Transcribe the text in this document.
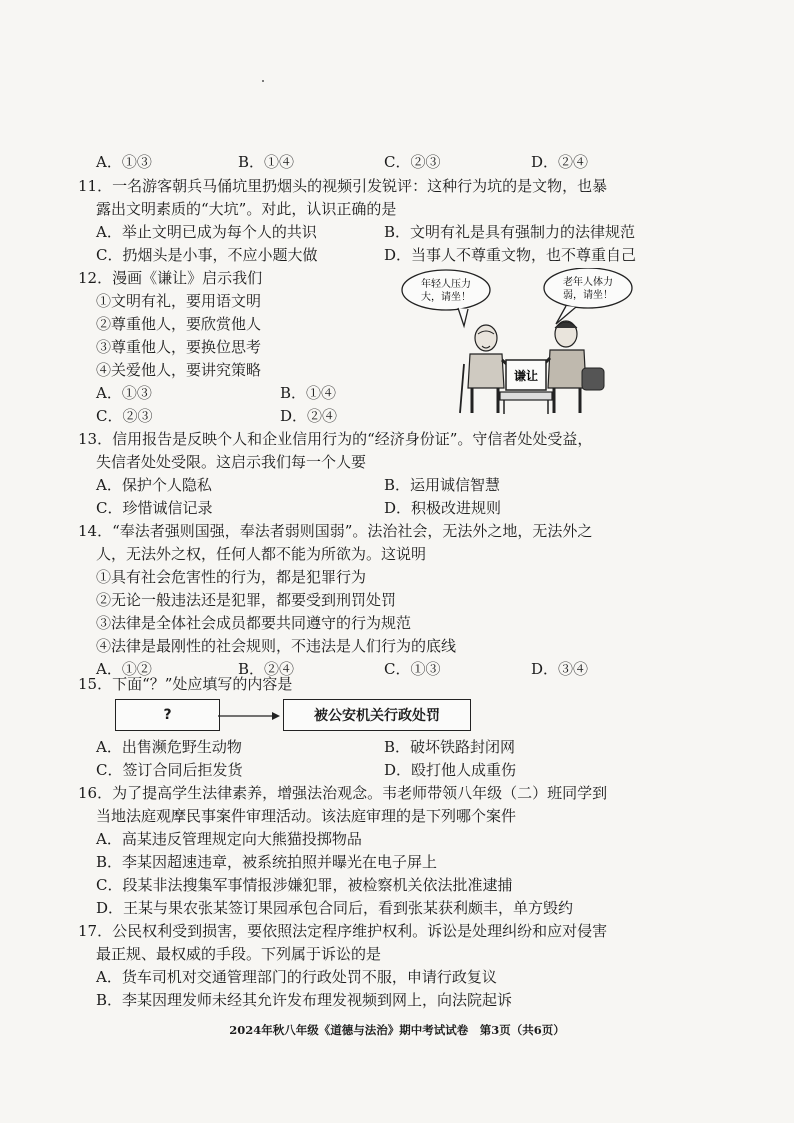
A．①③	B．①④	C．②③	D．②④
11．一名游客朝兵马俑坑里扔烟头的视频引发锐评：这种行为坑的是文物，也暴
露出文明素质的“大坑”。对此，认识正确的是
A．举止文明已成为每个人的共识	B．文明有礼是具有强制力的法律规范
C．扔烟头是小事，不应小题大做	D．当事人不尊重文物，也不尊重自己
12．漫画《谦让》启示我们
①文明有礼，要用语文明
②尊重他人，要欣赏他人
③尊重他人，要换位思考
④关爱他人，要讲究策略
A．①③	B．①④
C．②③	D．②④
年轻人压力
大，请坐！
老年人体力
弱，请坐！
谦让
13．信用报告是反映个人和企业信用行为的“经济身份证”。守信者处处受益，
失信者处处受限。这启示我们每一个人要
A．保护个人隐私	B．运用诚信智慧
C．珍惜诚信记录	D．积极改进规则
14．“奉法者强则国强，奉法者弱则国弱”。法治社会，无法外之地，无法外之
人，无法外之权，任何人都不能为所欲为。这说明
①具有社会危害性的行为，都是犯罪行为
②无论一般违法还是犯罪，都要受到刑罚处罚
③法律是全体社会成员都要共同遵守的行为规范
④法律是最刚性的社会规则，不违法是人们行为的底线
A．①②	B．②④	C．①③	D．③④
15．下面“？”处应填写的内容是
?	被公安机关行政处罚
A．出售濒危野生动物	B．破坏铁路封闭网
C．签订合同后拒发货	D．殴打他人成重伤
16．为了提高学生法律素养，增强法治观念。韦老师带领八年级（二）班同学到
当地法庭观摩民事案件审理活动。该法庭审理的是下列哪个案件
A．高某违反管理规定向大熊猫投掷物品
B．李某因超速违章，被系统拍照并曝光在电子屏上
C．段某非法搜集军事情报涉嫌犯罪，被检察机关依法批准逮捕
D．王某与果农张某签订果园承包合同后，看到张某获利颇丰，单方毁约
17．公民权利受到损害，要依照法定程序维护权利。诉讼是处理纠纷和应对侵害
最正规、最权威的手段。下列属于诉讼的是
A．货车司机对交通管理部门的行政处罚不服，申请行政复议
B．李某因理发师未经其允许发布理发视频到网上，向法院起诉
2024年秋八年级《道德与法治》期中考试试卷　第3页（共6页）
